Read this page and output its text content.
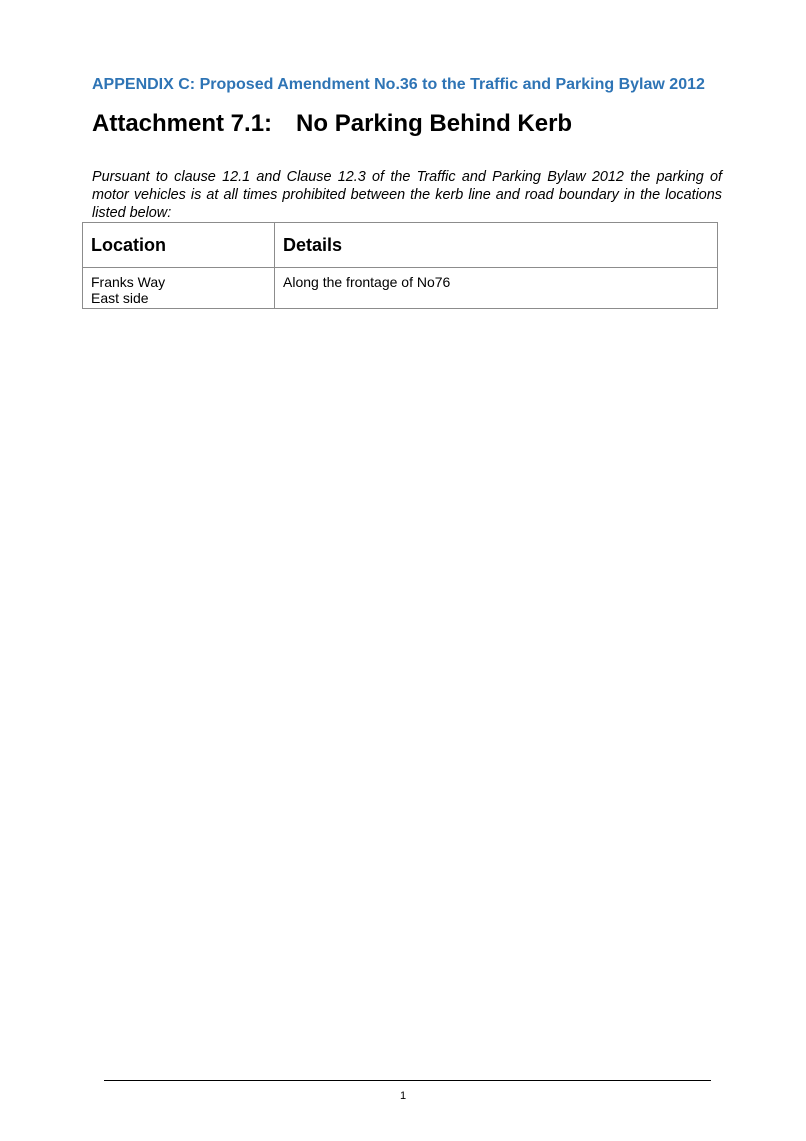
APPENDIX C: Proposed Amendment No.36 to the Traffic and Parking Bylaw 2012
Attachment 7.1: No Parking Behind Kerb

Pursuant to clause 12.1 and Clause 12.3 of the Traffic and Parking Bylaw 2012 the parking of motor vehicles is at all times prohibited between the kerb line and road boundary in the locations listed below:

Location	Details

Franks Way
East side	Along the frontage of No76
1
